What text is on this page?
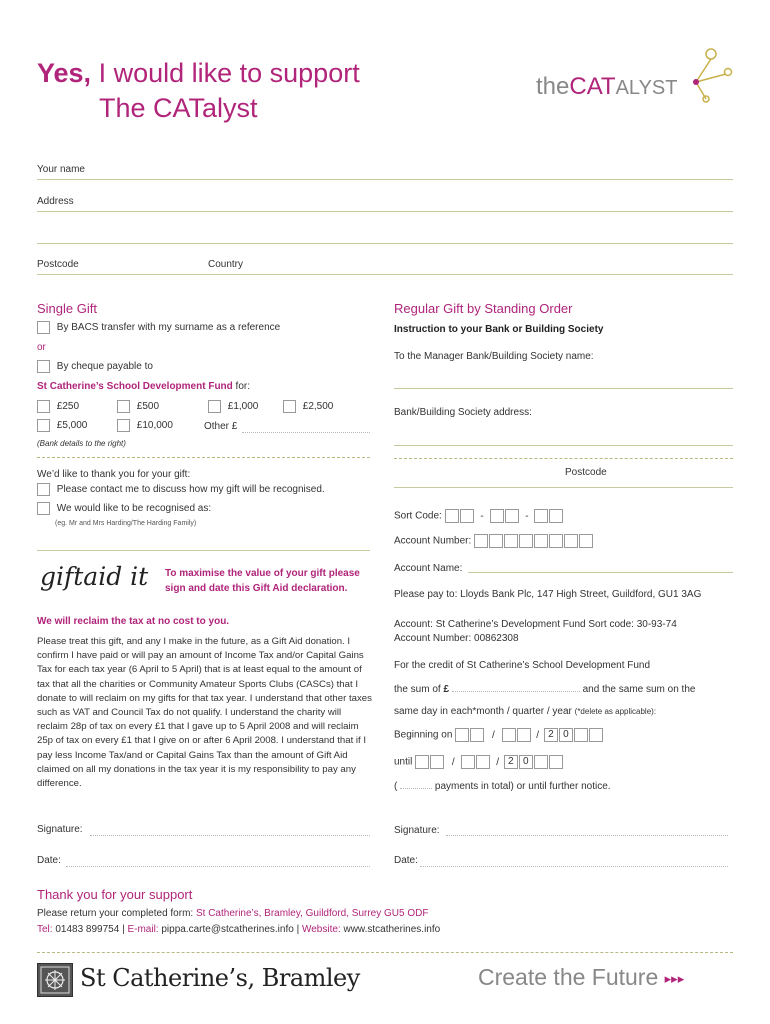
Yes, I would like to support
The CATalyst
theCATALYST
Your name
Address
Postcode	Country
Single Gift
By BACS transfer with my surname as a reference
or
By cheque payable to
St Catherine’s School Development Fund for:
£250	£500	£1,000	£2,500
£5,000	£10,000	Other £
(Bank details to the right)
We’d like to thank you for your gift:
Please contact me to discuss how my gift will be recognised.
We would like to be recognised as:
(eg. Mr and Mrs Harding/The Harding Family)
giftaid it To maximise the value of your gift please sign and date this Gift Aid declaration.
We will reclaim the tax at no cost to you.
Please treat this gift, and any I make in the future, as a Gift Aid donation. I confirm I have paid or will pay an amount of Income Tax and/or Capital Gains Tax for each tax year (6 April to 5 April) that is at least equal to the amount of tax that all the charities or Community Amateur Sports Clubs (CASCs) that I donate to will reclaim on my gifts for that tax year. I understand that other taxes such as VAT and Council Tax do not qualify. I understand the charity will reclaim 28p of tax on every £1 that I gave up to 5 April 2008 and will reclaim 25p of tax on every £1 that I give on or after 6 April 2008. I understand that if I pay less Income Tax/and or Capital Gains Tax than the amount of Gift Aid claimed on all my donations in the tax year it is my responsibility to pay any difference.
Signature:
Date:
Regular Gift by Standing Order
Instruction to your Bank or Building Society
To the Manager Bank/Building Society name:
Bank/Building Society address:
Postcode
Sort Code:	-	-
Account Number:
Account Name:
Please pay to: Lloyds Bank Plc, 147 High Street, Guildford, GU1 3AG
Account: St Catherine’s Development Fund Sort code: 30-93-74
Account Number: 00862308
For the credit of St Catherine’s School Development Fund
the sum of £	and the same sum on the
same day in each*month / quarter / year (*delete as applicable):
Beginning on	/	/ 2 0
until	/	/ 2 0
(	payments in total) or until further notice.
Signature:
Date:
Thank you for your support
Please return your completed form: St Catherine’s, Bramley, Guildford, Surrey GU5 ODF
Tel: 01483 899754 | E-mail: pippa.carte@stcatherines.info | Website: www.stcatherines.info
St Catherine’s, Bramley	Create the Future ▸▸▸
